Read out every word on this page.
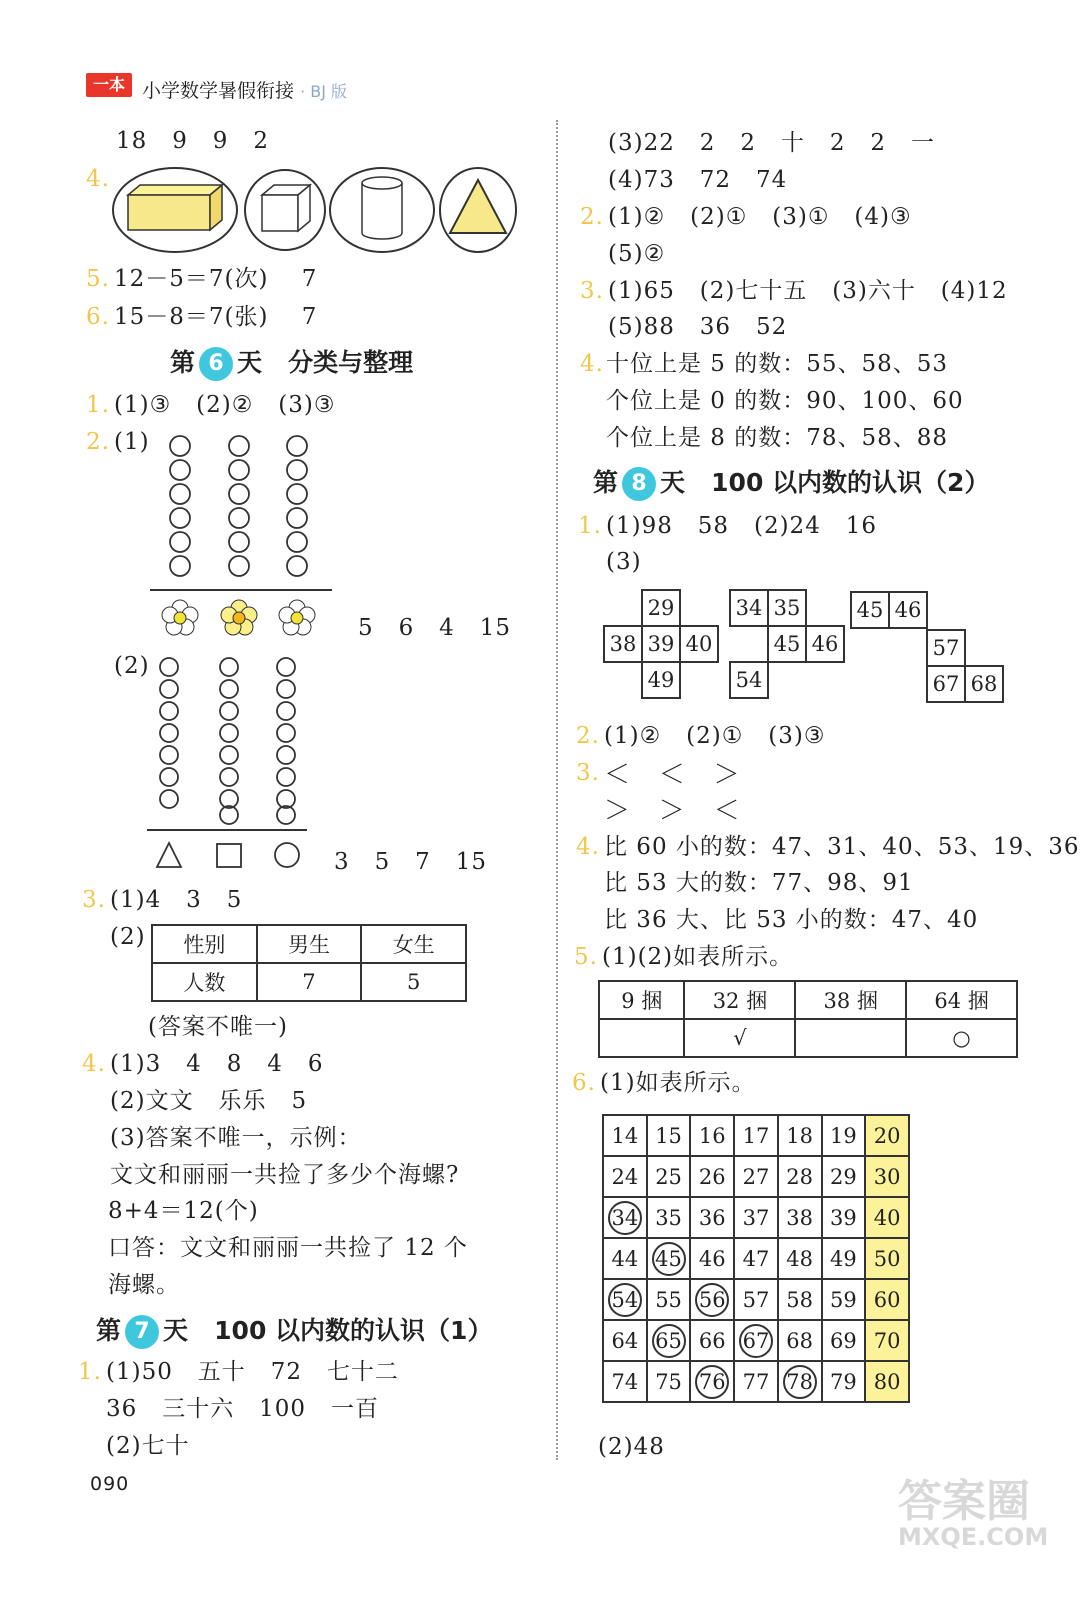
一本 小学数学暑假衔接 · BJ 版
18   9   9   2
4.
5. 12－5＝7(次)    7
6. 15－8＝7(张)    7
第 6 天 分类与整理
1. (1)③   (2)②   (3)③
2. (1)
5   6   4   15
(2)
3   5   7   15
3. (1)4   3   5
(2) 性别	男生	女生
人数	7	5
(答案不唯一)
4. (1)3   4   8   4   6
(2)文文   乐乐   5
(3)答案不唯一，示例：
文文和丽丽一共捡了多少个海螺?
8+4＝12(个)
口答：文文和丽丽一共捡了 12 个
海螺。
第 7 天 100 以内数的认识（1）
1. (1)50   五十   72   七十二
36   三十六   100   一百
(2)七十
090
(3)22   2   2   十   2   2   一
(4)73   72   74
2. (1)②   (2)①   (3)①   (4)③
(5)②
3. (1)65   (2)七十五   (3)六十   (4)12
(5)88   36   52
4. 十位上是 5 的数：55、58、53
个位上是 0 的数：90、100、60
个位上是 8 的数：78、58、88
第 8 天 100 以内数的认识（2）
1. (1)98   58   (2)24   16
(3)
29
38 39 40
49
34 35
45 46
54
45 46
57
67 68
2. (1)②   (2)①   (3)③
3. ＜   ＜   ＞
＞   ＞   ＜
4. 比 60 小的数：47、31、40、53、19、36
比 53 大的数：77、98、91
比 36 大、比 53 小的数：47、40
5. (1)(2)如表所示。
9 捆	32 捆	38 捆	64 捆
	√		○
6. (1)如表所示。
14	15	16	17	18	19	20
24	25	26	27	28	29	30
34	35	36	37	38	39	40
44	45	46	47	48	49	50
54	55	56	57	58	59	60
64	65	66	67	68	69	70
74	75	76	77	78	79	80
(2)48
答案圈
MXQE.COM
